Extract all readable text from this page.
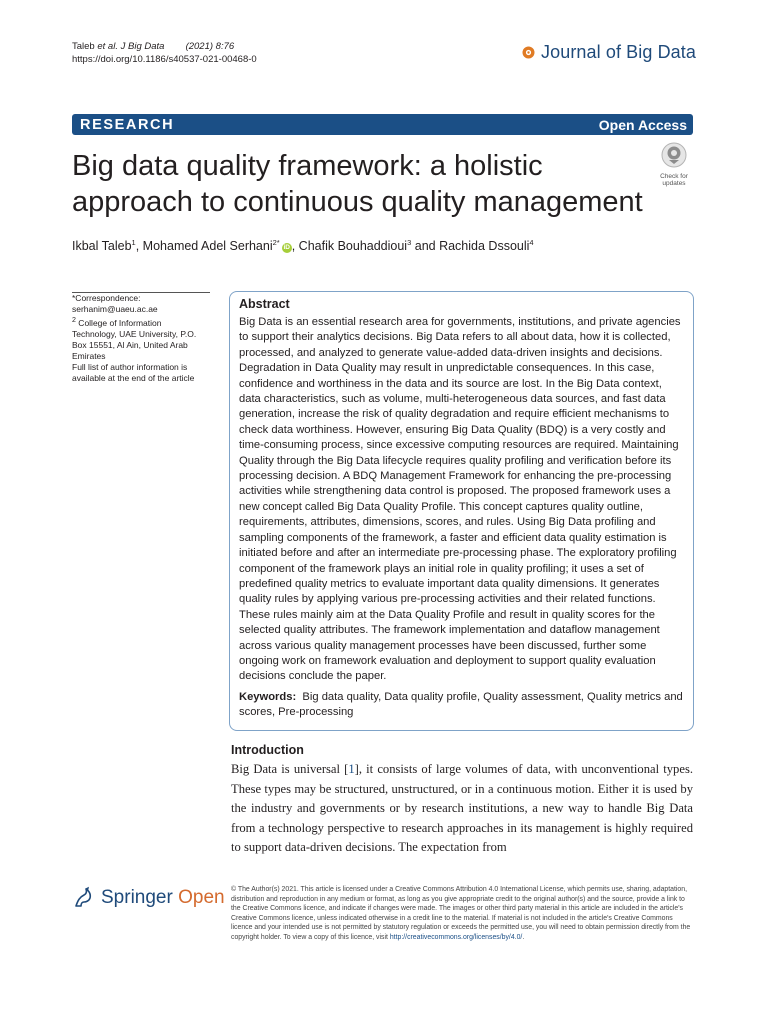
Taleb et al. J Big Data (2021) 8:76
https://doi.org/10.1186/s40537-021-00468-0	Journal of Big Data
RESEARCH	Open Access
Big data quality framework: a holistic approach to continuous quality management
Check for
updates
Ikbal Taleb$^1$, Mohamed Adel Serhani$^{2*}$iD , Chafik Bouhaddioui$^3$ and Rachida Dssouli$^4$

*Correspondence:

serhanim@uaeu.ac.ae

$^2$ College of Information Technology, UAE University, P.O. Box 15551, Al Ain, United Arab Emirates

Full list of author information is available at the end of the article

Abstract

Big Data is an essential research area for governments, institutions, and private agencies to support their analytics decisions. Big Data refers to all about data, how it is collected, processed, and analyzed to generate value-added data-driven insights and decisions. Degradation in Data Quality may result in unpredictable consequences. In this case, confidence and worthiness in the data and its source are lost. In the Big Data context, data characteristics, such as volume, multi-heterogeneous data sources, and fast data generation, increase the risk of quality degradation and require efficient mechanisms to check data worthiness. However, ensuring Big Data Quality (BDQ) is a very costly and time-consuming process, since excessive computing resources are required. Maintaining Quality through the Big Data lifecycle requires quality profiling and verification before its processing decision. A BDQ Management Framework for enhancing the pre-processing activities while strengthening data control is proposed. The proposed framework uses a new concept called Big Data Quality Profile. This concept captures quality outline, requirements, attributes, dimensions, scores, and rules. Using Big Data profiling and sampling components of the framework, a faster and efficient data quality estimation is initiated before and after an intermediate pre-processing phase. The exploratory profiling component of the framework plays an initial role in quality profiling; it uses a set of predefined quality metrics to evaluate important data quality dimensions. It generates quality rules by applying various pre-processing activities and their related functions. These rules mainly aim at the Data Quality Profile and result in quality scores for the selected quality attributes. The framework implementation and dataflow management across various quality management processes have been discussed, further some ongoing work on framework evaluation and deployment to support quality evaluation decisions conclude the paper.

Keywords: Big data quality, Data quality profile, Quality assessment, Quality metrics and scores, Pre-processing
Introduction

Big Data is universal [1], it consists of large volumes of data, with unconventional types. These types may be structured, unstructured, or in a continuous motion. Either it is used by the industry and governments or by research institutions, a new way to handle Big Data from a technology perspective to research approaches in its management is highly required to support data-driven decisions. The expectation from

Springer Open © The Author(s) 2021. This article is licensed under a Creative Commons Attribution 4.0 International License, which permits use, sharing, adaptation, distribution and reproduction in any medium or format, as long as you give appropriate credit to the original author(s) and the source, provide a link to the Creative Commons licence, and indicate if changes were made. The images or other third party material in this article are included in the article's Creative Commons licence, unless indicated otherwise in a credit line to the material. If material is not included in the article's Creative Commons licence and your intended use is not permitted by statutory regulation or exceeds the permitted use, you will need to obtain permission directly from the copyright holder. To view a copy of this licence, visit http://creativecommons.org/licenses/by/4.0/.
